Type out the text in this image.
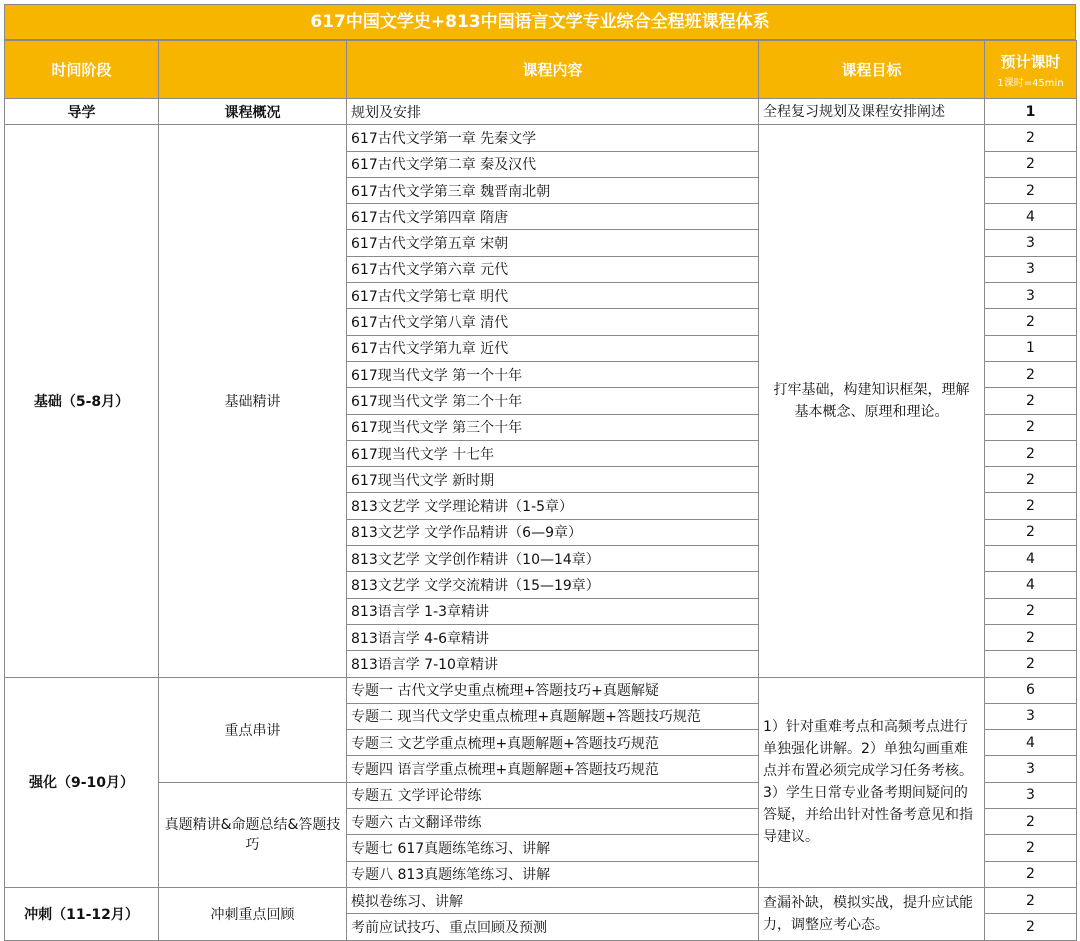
617中国文学史+813中国语言文学专业综合全程班课程体系
时间阶段		课程内容	课程目标	预计课时
1课时=45min

导学	课程概况	规划及安排	全程复习规划及课程安排阐述	1
基础（5-8月）	基础精讲	617古代文学第一章 先秦文学	打牢基础，构建知识框架，理解基本概念、原理和理论。	2
		617古代文学第二章 秦及汉代		2
		617古代文学第三章 魏晋南北朝		2
		617古代文学第四章 隋唐		4
		617古代文学第五章 宋朝		3
		617古代文学第六章 元代		3
		617古代文学第七章 明代		3
		617古代文学第八章 清代		2
		617古代文学第九章 近代		1
		617现当代文学 第一个十年		2
		617现当代文学 第二个十年		2
		617现当代文学 第三个十年		2
		617现当代文学 十七年		2
		617现当代文学 新时期		2
		813文艺学 文学理论精讲（1-5章）		2
		813文艺学 文学作品精讲（6—9章）		2
		813文艺学 文学创作精讲（10—14章）		4
		813文艺学 文学交流精讲（15—19章）		4
		813语言学 1-3章精讲		2
		813语言学 4-6章精讲		2
		813语言学 7-10章精讲		2
强化（9-10月）	重点串讲	专题一 古代文学史重点梳理+答题技巧+真题解疑	1）针对重难考点和高频考点进行单独强化讲解。2）单独勾画重难点并布置必须完成学习任务考核。3）学生日常专业备考期间疑问的答疑，并给出针对性备考意见和指导建议。	6
		专题二 现当代文学史重点梳理+真题解题+答题技巧规范		3
		专题三 文艺学重点梳理+真题解题+答题技巧规范		4
		专题四 语言学重点梳理+真题解题+答题技巧规范		3
	真题精讲&命题总结&答题技巧	专题五 文学评论带练		3
		专题六 古文翻译带练		2
		专题七 617真题练笔练习、讲解		2
		专题八 813真题练笔练习、讲解		2
冲刺（11-12月）	冲刺重点回顾	模拟卷练习、讲解	查漏补缺，模拟实战，提升应试能力，调整应考心态。	2
		考前应试技巧、重点回顾及预测		2
